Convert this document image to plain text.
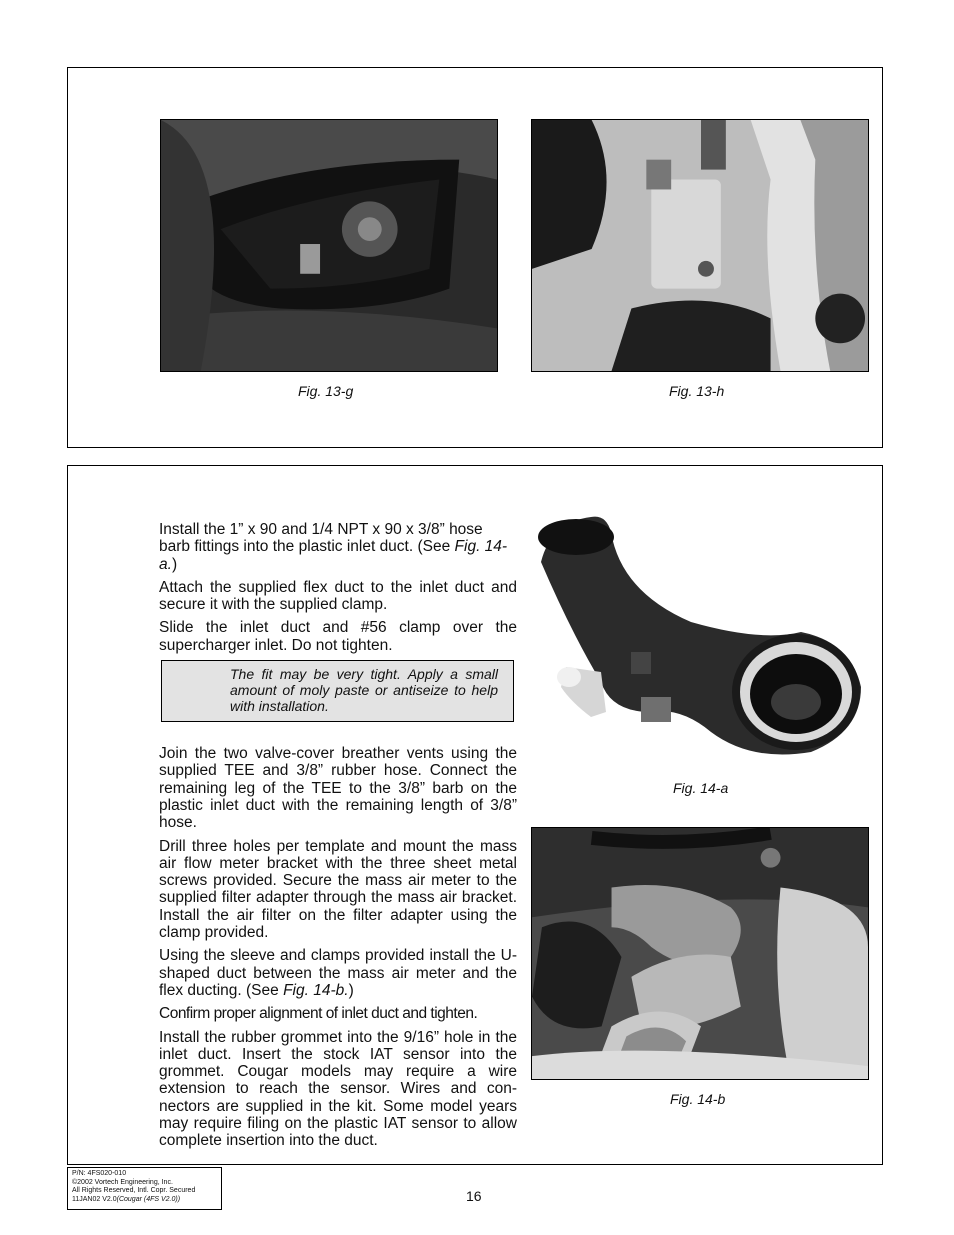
Fig. 13-g	Fig. 13-h

Install the 1” x 90 and 1/4 NPT x 90 x 3/8” hose barb fittings into the plastic inlet duct. (See Fig. 14-a.)

Attach the supplied flex duct to the inlet duct and secure it with the supplied clamp.

Slide the inlet duct and #56 clamp over the supercharger inlet. Do not tighten.

Join the two valve-cover breather vents using the supplied TEE and 3/8” rubber hose. Connect the remaining leg of the TEE to the 3/8” barb on the plastic inlet duct with the remaining length of 3/8” hose.

Drill three holes per template and mount the mass air flow meter bracket with the three sheet metal screws provided. Secure the mass air meter to the supplied filter adapter through the mass air bracket. Install the air filter on the filter adapter using the clamp provided.

Using the sleeve and clamps provided install the U-shaped duct between the mass air meter and the flex ducting. (See Fig. 14-b.)

Confirm proper alignment of inlet duct and tighten.

Install the rubber grommet into the 9/16” hole in the inlet duct. Insert the stock IAT sensor into the grommet. Cougar models may require a wire extension to reach the sensor. Wires and con-nectors are supplied in the kit. Some model years may require filing on the plastic IAT sensor to allow complete insertion into the duct.

The fit may be very tight. Apply a small amount of moly paste or antiseize to help with installation.
Fig. 14-a
Fig. 14-b
P/N: 4FS020-010
©2002 Vortech Engineering, Inc.
All Rights Reserved, Intl. Copr. Secured
11JAN02 V2.0(Cougar (4FS V2.0))	16
